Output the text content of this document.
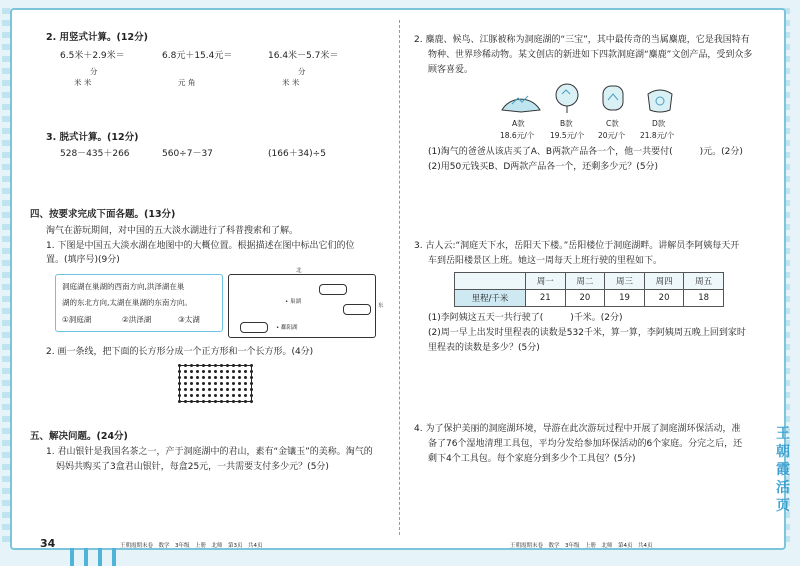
2. 用竖式计算。(12分)
6.5米＋2.9米＝
分
米 米
6.8元＋15.4元＝
元 角
16.4米－5.7米＝
分
米 米
3. 脱式计算。(12分)
528－435＋266	560÷7－37	(166＋34)÷5
四、按要求完成下面各题。(13分)
淘气在游玩期间，对中国的五大淡水湖进行了科普搜索和了解。
1. 下图是中国五大淡水湖在地图中的大概位置。根据描述在图中标出它们的位
置。(填序号)(9分)
洞庭湖在巢湖的西南方向,洪泽湖在巢
湖的东北方向,太湖在巢湖的东南方向。
①洞庭湖	②洪泽湖	③太湖
北
东
• 巢湖
• 鄱阳湖
2. 画一条线，把下面的长方形分成一个正方形和一个长方形。(4分)
五、解决问题。(24分)
1. 君山银针是我国名茶之一，产于洞庭湖中的君山，素有“金镶玉”的美称。淘气的
妈妈共购买了3盒君山银针，每盒25元，一共需要支付多少元？(5分)
34	王朝霞期末卷　数学　3年级　上册　北师　第3页　共4页
2. 麋鹿、候鸟、江豚被称为洞庭湖的“三宝”，其中最传奇的当属麋鹿，它是我国特有
物种、世界珍稀动物。某文创店的新进如下四款洞庭湖“麋鹿”文创产品，受到众多
顾客喜爱。
A款
18.6元/个
B款
19.5元/个
C款
20元/个
D款
21.8元/个
(1)淘气的爸爸从该店买了A、B两款产品各一个，他一共要付(　　　)元。(2分)
(2)用50元钱买B、D两款产品各一个，还剩多少元？(5分)
3. 古人云:“洞庭天下水，岳阳天下楼。”岳阳楼位于洞庭湖畔。讲解员李阿姨每天开
车到岳阳楼景区上班。她这一周每天上班行驶的里程如下。
	周一	周二	周三	周四	周五
里程/千米	21	20	19	20	18
(1)李阿姨这五天一共行驶了(　　　)千米。(2分)
(2)周一早上出发时里程表的读数是532千米，算一算，李阿姨周五晚上回到家时
里程表的读数是多少？(5分)
4. 为了保护美丽的洞庭湖环境，导游在此次游玩过程中开展了洞庭湖环保活动，准
备了76个湿地清理工具包，平均分发给参加环保活动的6个家庭。分完之后，还
剩下4个工具包。每个家庭分到多少个工具包？(5分)
王朝霞期末卷　数学　3年级　上册　北师　第4页　共4页
王
朝
霞
活
页
